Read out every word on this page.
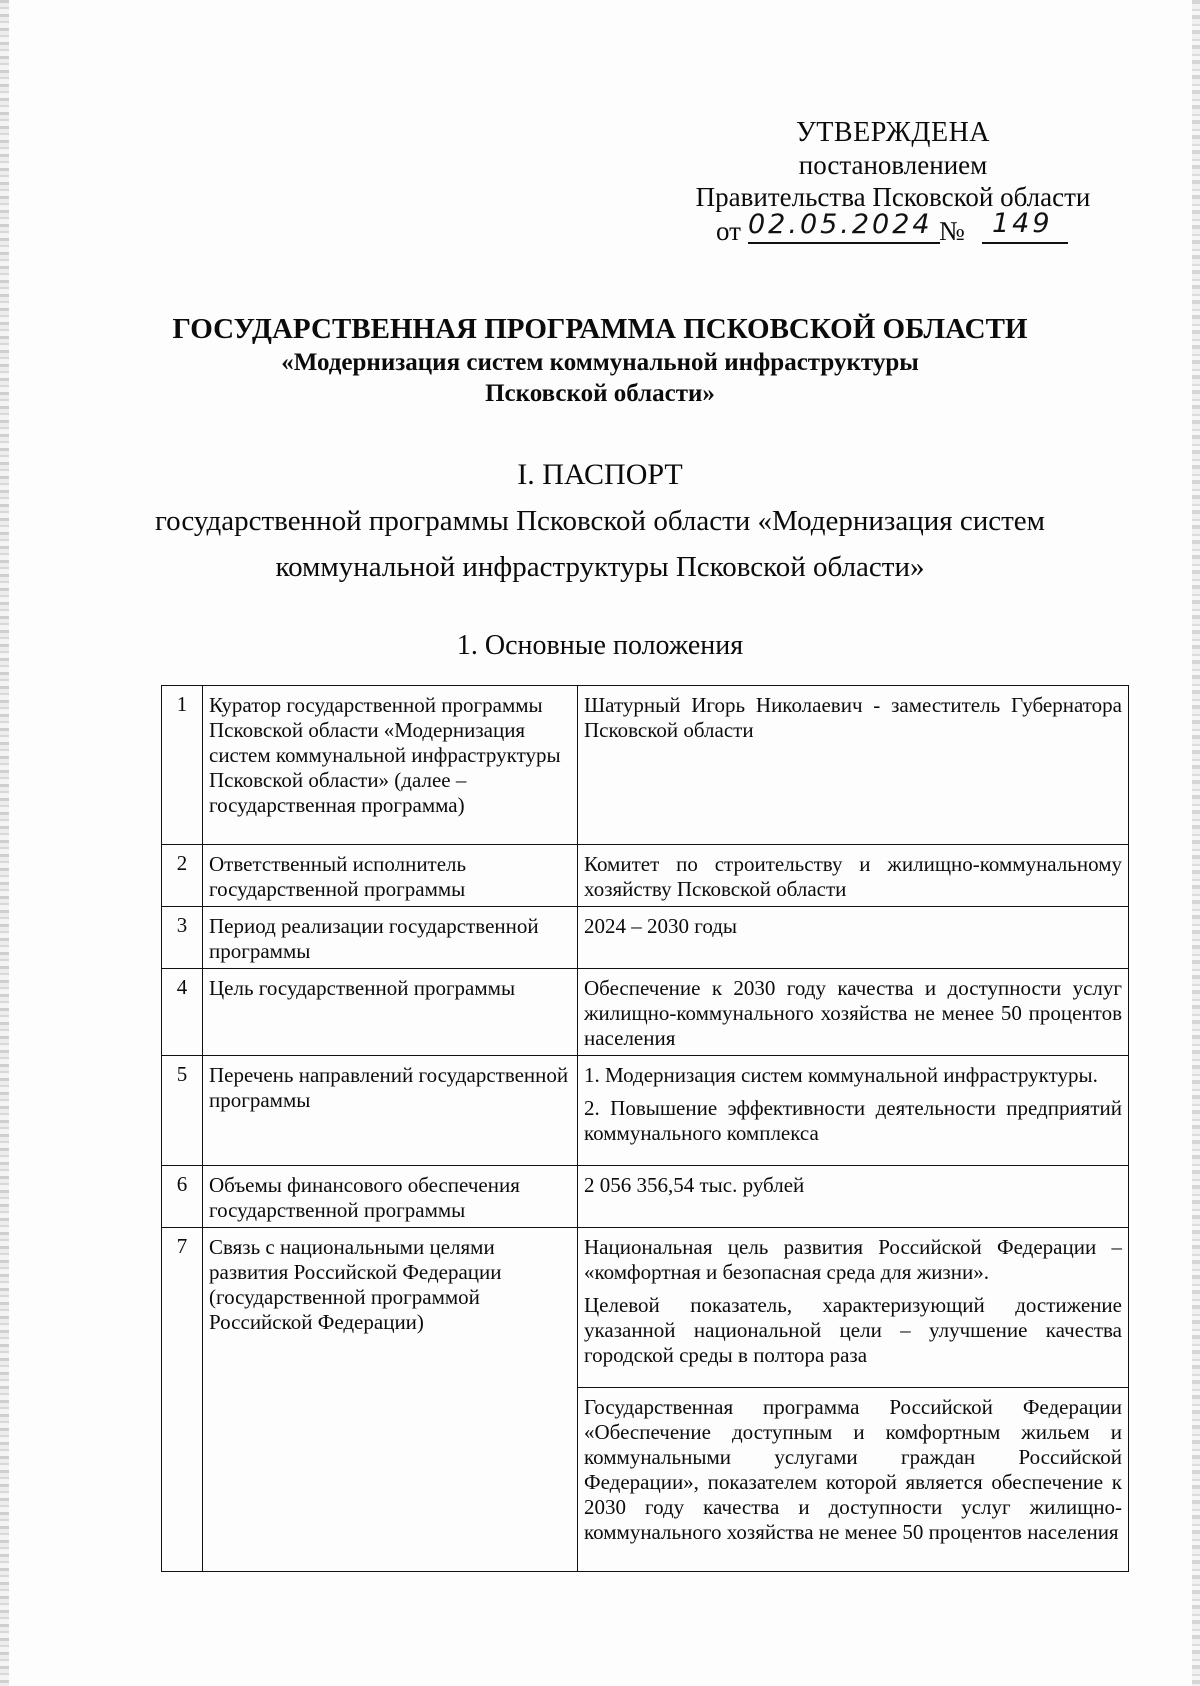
УТВЕРЖДЕНА
постановлением
Правительства Псковской области
от 02.05.2024 № 149
ГОСУДАРСТВЕННАЯ ПРОГРАММА ПСКОВСКОЙ ОБЛАСТИ
«Модернизация систем коммунальной инфраструктуры
Псковской области»
I. ПАСПОРТ
государственной программы Псковской области «Модернизация систем
коммунальной инфраструктуры Псковской области»
1. Основные положения
1	Куратор государственной программы Псковской области «Модернизация систем коммунальной инфраструктуры Псковской области» (далее – государственная программа)	Шатурный Игорь Николаевич - заместитель Губернатора Псковской области

2	Ответственный исполнитель государственной программы	Комитет по строительству и жилищно-коммунальному хозяйству Псковской области

3	Период реализации государственной программы	2024 – 2030 годы

4	Цель государственной программы	Обеспечение к 2030 году качества и доступности услуг жилищно-коммунального хозяйства не менее 50 процентов населения

5	Перечень направлений государственной программы	1. Модернизация систем коммунальной инфраструктуры.

2. Повышение эффективности деятельности предприятий коммунального комплекса

6	Объемы финансового обеспечения государственной программы	2 056 356,54 тыс. рублей

7	Связь с национальными целями развития Российской Федерации (государственной программой Российской Федерации)	Национальная цель развития Российской Федерации – «комфортная и безопасная среда для жизни».

Целевой показатель, характеризующий достижение указанной национальной цели – улучшение качества городской среды в полтора раза

		Государственная программа Российской Федерации «Обеспечение доступным и комфортным жильем и коммунальными услугами граждан Российской Федерации», показателем которой является обеспечение к 2030 году качества и доступности услуг жилищно-коммунального хозяйства не менее 50 процентов населения
